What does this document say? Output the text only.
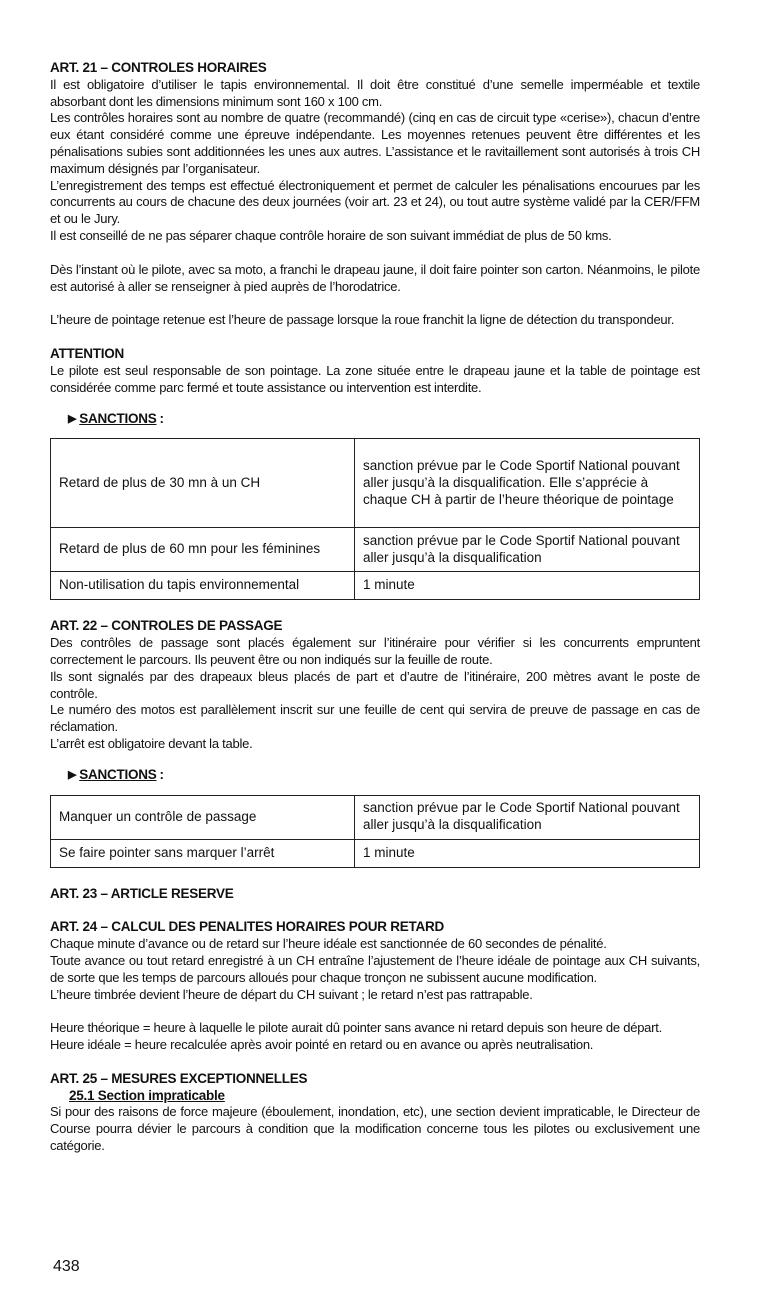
ART. 21 – CONTROLES HORAIRES

Il est obligatoire d’utiliser le tapis environnemental. Il doit être constitué d’une semelle imperméable et textile absorbant dont les dimensions minimum sont 160 x 100 cm.

Les contrôles horaires sont au nombre de quatre (recommandé) (cinq en cas de circuit type «cerise»), chacun d’entre eux étant considéré comme une épreuve indépendante. Les moyennes retenues peuvent être différentes et les pénalisations subies sont additionnées les unes aux autres. L’assistance et le ravitaillement sont autorisés à trois CH maximum désignés par l’organisateur.

L’enregistrement des temps est effectué électroniquement et permet de calculer les pénalisations encourues par les concurrents au cours de chacune des deux journées (voir art. 23 et 24), ou tout autre système validé par la CER/FFM et ou le Jury.

Il est conseillé de ne pas séparer chaque contrôle horaire de son suivant immédiat de plus de 50 kms.

Dès l’instant où le pilote, avec sa moto, a franchi le drapeau jaune, il doit faire pointer son carton. Néanmoins, le pilote est autorisé à aller se renseigner à pied auprès de l’horodatrice.

L’heure de pointage retenue est l’heure de passage lorsque la roue franchit la ligne de détection du transpondeur.

ATTENTION

Le pilote est seul responsable de son pointage. La zone située entre le drapeau jaune et la table de pointage est considérée comme parc fermé et toute assistance ou intervention est interdite.

▶ SANCTIONS :
Retard de plus de 30 mn à un CH	sanction prévue par le Code Sportif National pouvant aller jusqu’à la disqualification. Elle s’apprécie à chaque CH à partir de l’heure théorique de pointage
Retard de plus de 60 mn pour les féminines	sanction prévue par le Code Sportif National pouvant aller jusqu’à la disqualification
Non-utilisation du tapis environnemental	1 minute

ART. 22 – CONTROLES DE PASSAGE

Des contrôles de passage sont placés également sur l’itinéraire pour vérifier si les concurrents empruntent correctement le parcours. Ils peuvent être ou non indiqués sur la feuille de route.

Ils sont signalés par des drapeaux bleus placés de part et d’autre de l’itinéraire, 200 mètres avant le poste de contrôle.

Le numéro des motos est parallèlement inscrit sur une feuille de cent qui servira de preuve de passage en cas de réclamation.

L’arrêt est obligatoire devant la table.

▶ SANCTIONS :
Manquer un contrôle de passage	sanction prévue par le Code Sportif National pouvant aller jusqu’à la disqualification
Se faire pointer sans marquer l’arrêt	1 minute

ART. 23 – ARTICLE RESERVE

ART. 24 – CALCUL DES PENALITES HORAIRES POUR RETARD

Chaque minute d’avance ou de retard sur l’heure idéale est sanctionnée de 60 secondes de pénalité.

Toute avance ou tout retard enregistré à un CH entraîne l’ajustement de l’heure idéale de pointage aux CH suivants, de sorte que les temps de parcours alloués pour chaque tronçon ne subissent aucune modification.

L’heure timbrée devient l’heure de départ du CH suivant ; le retard n’est pas rattrapable.

Heure théorique = heure à laquelle le pilote aurait dû pointer sans avance ni retard depuis son heure de départ.

Heure idéale = heure recalculée après avoir pointé en retard ou en avance ou après neutralisation.

ART. 25 – MESURES EXCEPTIONNELLES

25.1 Section impraticable

Si pour des raisons de force majeure (éboulement, inondation, etc), une section devient impraticable, le Directeur de Course pourra dévier le parcours à condition que la modification concerne tous les pilotes ou exclusivement une catégorie.

438
